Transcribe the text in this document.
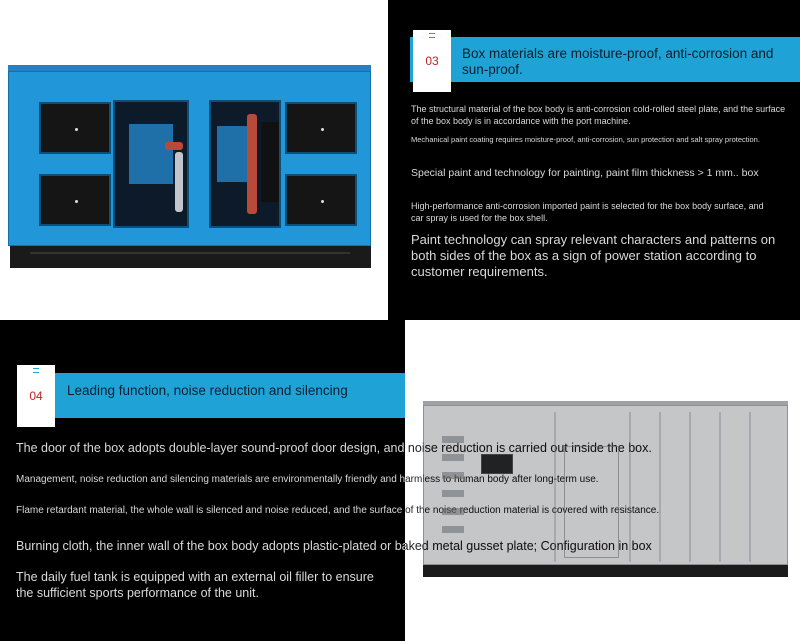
03 Box materials are moisture-proof, anti-corrosion and sun-proof.
The structural material of the box body is anti-corrosion cold-rolled steel plate, and the surface of the box body is in accordance with the port machine.
Mechanical paint coating requires moisture-proof, anti-corrosion, sun protection and salt spray protection.
Special paint and technology for painting, paint film thickness > 1 mm.. box
High-performance anti-corrosion imported paint is selected for the box body surface, and car spray is used for the box shell.
Paint technology can spray relevant characters and patterns on both sides of the box as a sign of power station according to customer requirements.
04 Leading function, noise reduction and silencing
The door of the box adopts double-layer sound-proof door design, and noise reduction is carried out inside the box.
Management, noise reduction and silencing materials are environmentally friendly and harmless to human body after long-term use.
Flame retardant material, the whole wall is silenced and noise reduced, and the surface of the noise reduction material is covered with resistance.
Burning cloth, the inner wall of the box body adopts plastic-plated or baked metal gusset plate; Configuration in box
The daily fuel tank is equipped with an external oil filler to ensure the sufficient sports performance of the unit.
